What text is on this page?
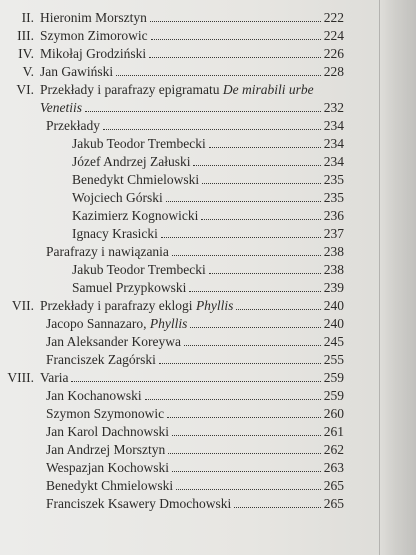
II. Hieronim Morsztyn	222
III. Szymon Zimorowic	224
IV. Mikołaj Grodziński	226
V. Jan Gawiński	228
VI. Przekłady i parafrazy epigramatu De mirabili urbe
Venetiis	232
Przekłady	234
Jakub Teodor Trembecki	234
Józef Andrzej Załuski	234
Benedykt Chmielowski	235
Wojciech Górski	235
Kazimierz Kognowicki	236
Ignacy Krasicki	237
Parafrazy i nawiązania	238
Jakub Teodor Trembecki	238
Samuel Przypkowski	239
VII. Przekłady i parafrazy eklogi Phyllis	240
Jacopo Sannazaro, Phyllis	240
Jan Aleksander Koreywa	245
Franciszek Zagórski	255
VIII. Varia	259
Jan Kochanowski	259
Szymon Szymonowic	260
Jan Karol Dachnowski	261
Jan Andrzej Morsztyn	262
Wespazjan Kochowski	263
Benedykt Chmielowski	265
Franciszek Ksawery Dmochowski	265
